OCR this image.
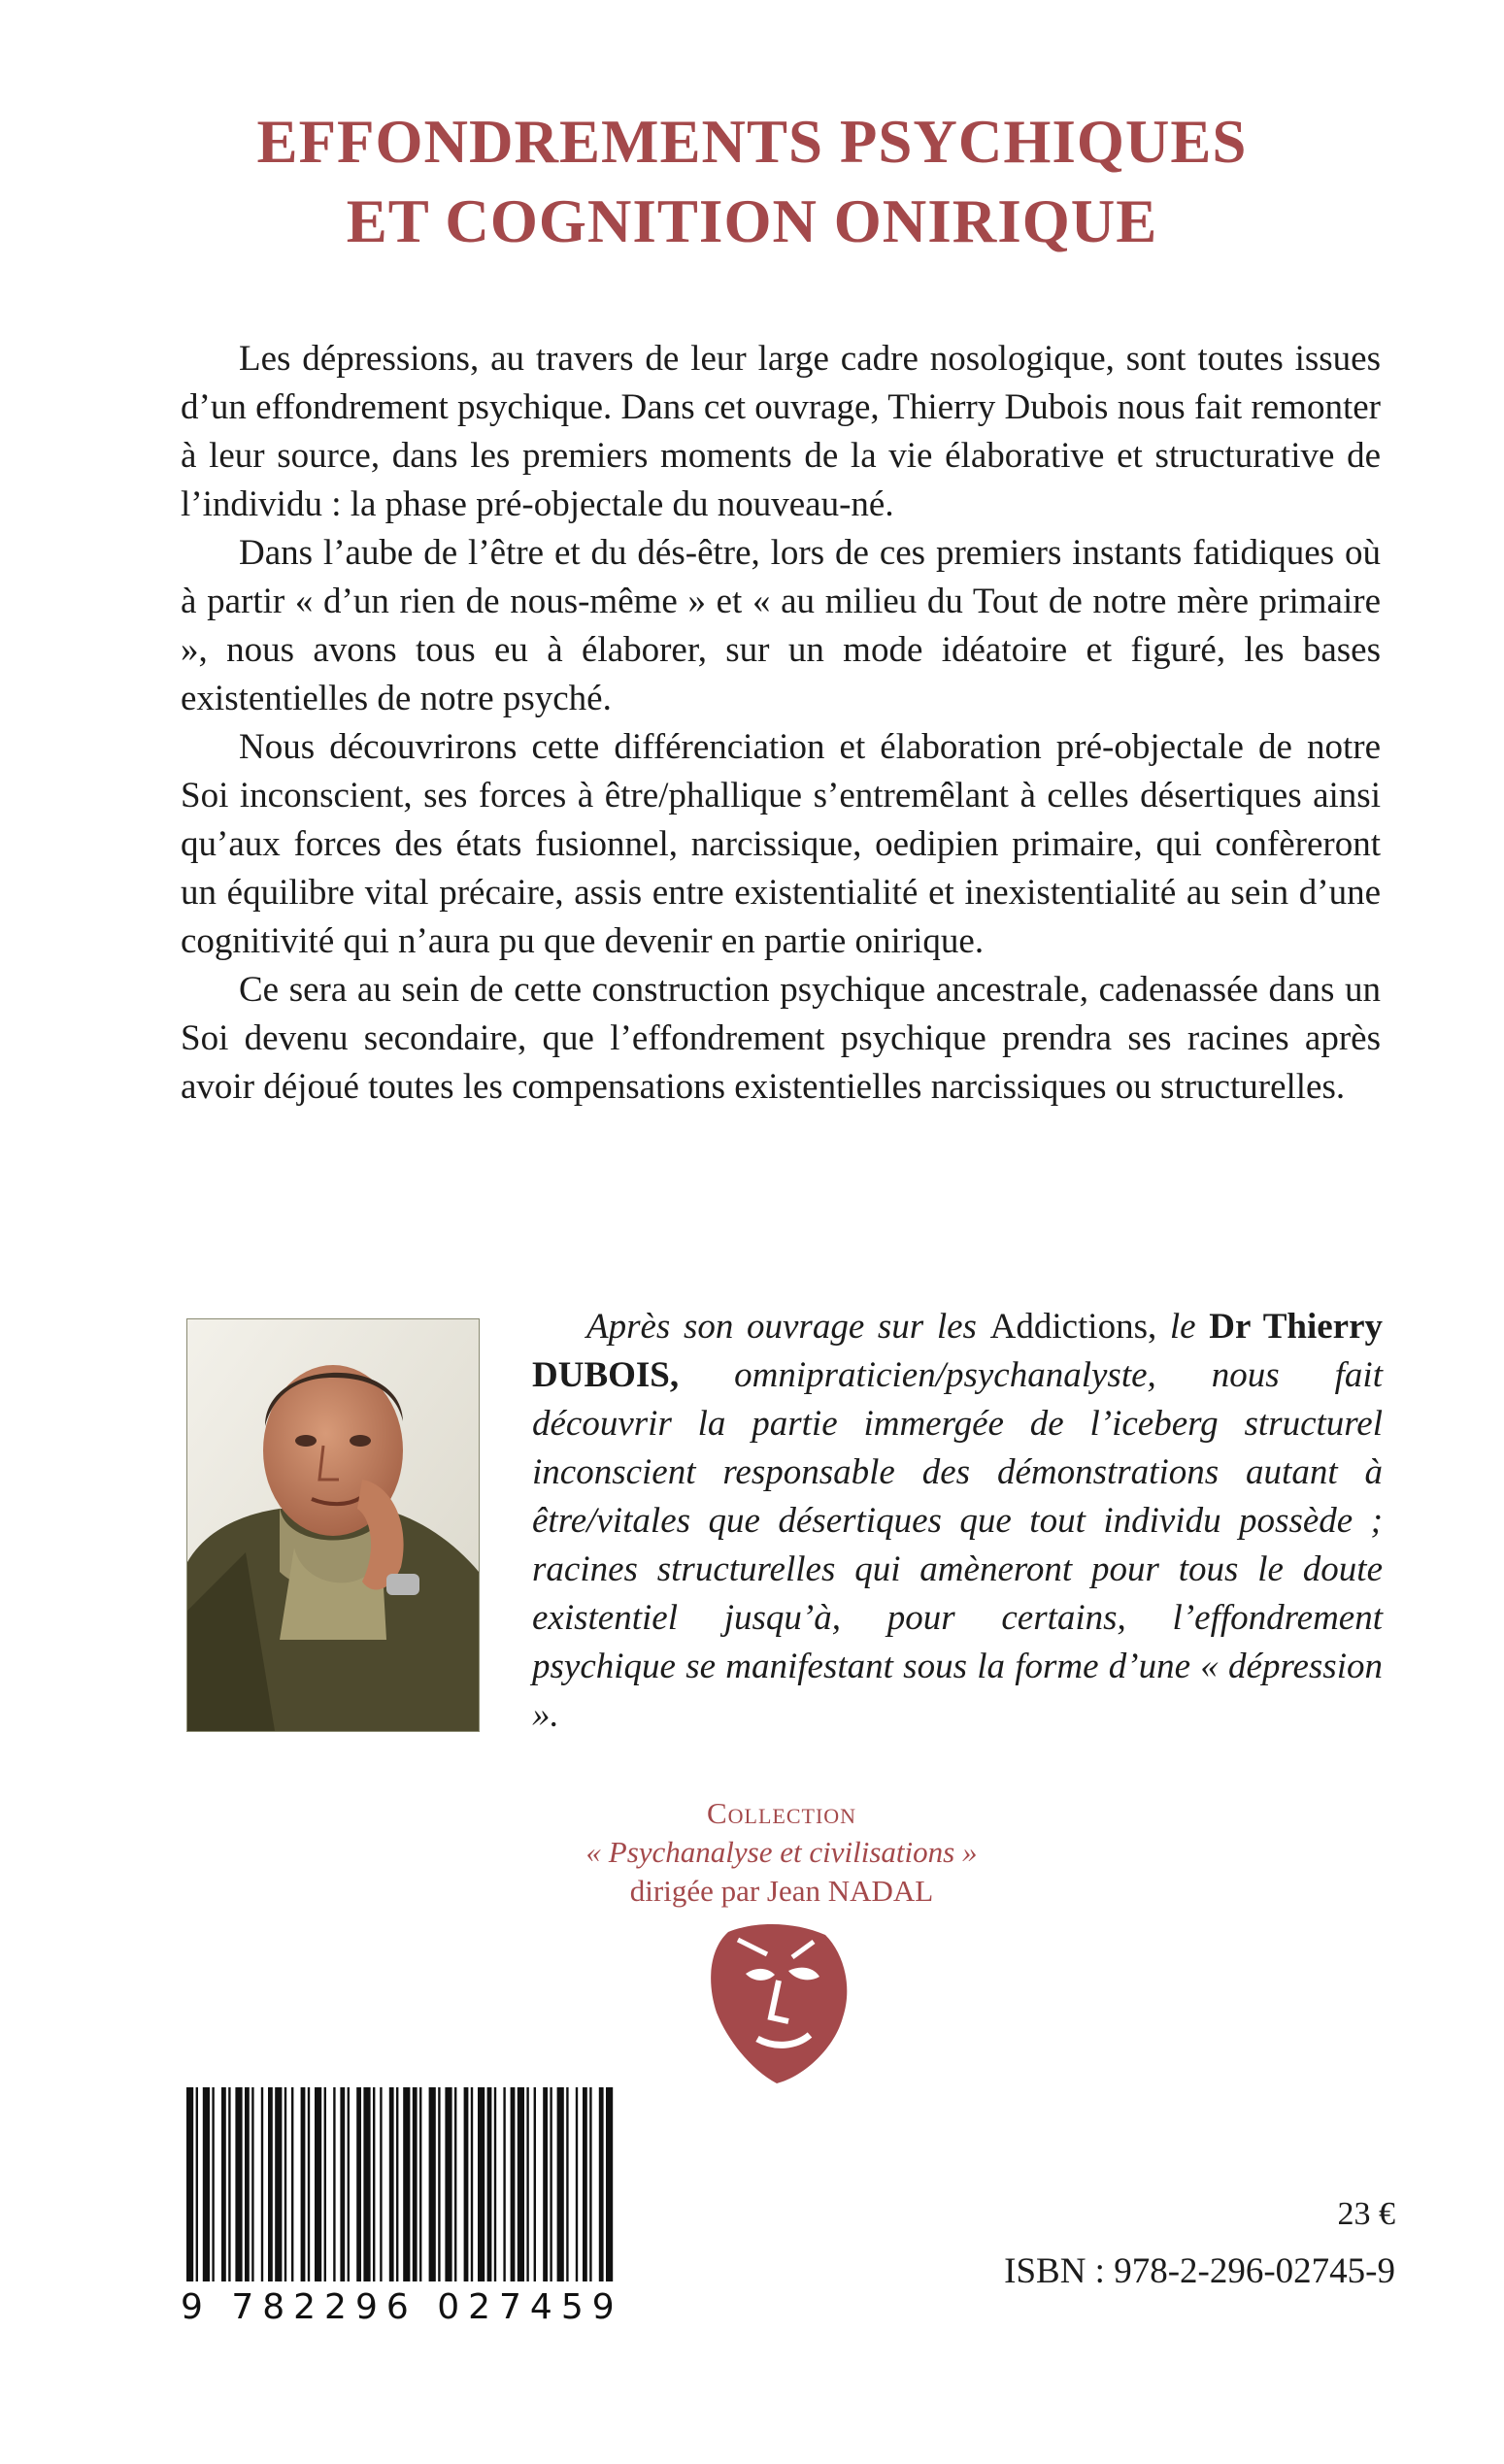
EFFONDREMENTS PSYCHIQUES
ET COGNITION ONIRIQUE

Les dépressions, au travers de leur large cadre nosologique, sont toutes issues d’un effondrement psychique. Dans cet ouvrage, Thierry Dubois nous fait remonter à leur source, dans les premiers moments de la vie élaborative et structurative de l’individu : la phase pré-objectale du nouveau-né.

Dans l’aube de l’être et du dés-être, lors de ces premiers instants fatidiques où à partir « d’un rien de nous-même » et « au milieu du Tout de notre mère primaire », nous avons tous eu à élaborer, sur un mode idéatoire et figuré, les bases existentielles de notre psyché.

Nous découvrirons cette différenciation et élaboration pré-objectale de notre Soi inconscient, ses forces à être/phallique s’entremêlant à celles désertiques ainsi qu’aux forces des états fusionnel, narcissique, oedipien primaire, qui confèreront un équilibre vital précaire, assis entre existentialité et inexistentialité au sein d’une cognitivité qui n’aura pu que devenir en partie onirique.

Ce sera au sein de cette construction psychique ancestrale, cadenassée dans un Soi devenu secondaire, que l’effondrement psychique prendra ses racines après avoir déjoué toutes les compensations existentielles narcissiques ou structurelles.

Après son ouvrage sur les Addictions, le Dr Thierry DUBOIS, omnipraticien/psychanalyste, nous fait découvrir la partie immergée de l’iceberg structurel inconscient responsable des démonstrations autant à être/vitales que désertiques que tout individu possède ; racines structurelles qui amèneront pour tous le doute existentiel jusqu’à, pour certains, l’effondrement psychique se manifestant sous la forme d’une « dépression ».

Collection
« Psychanalyse et civilisations »
dirigée par Jean NADAL
9 782296 027459
23 €
ISBN : 978-2-296-02745-9
